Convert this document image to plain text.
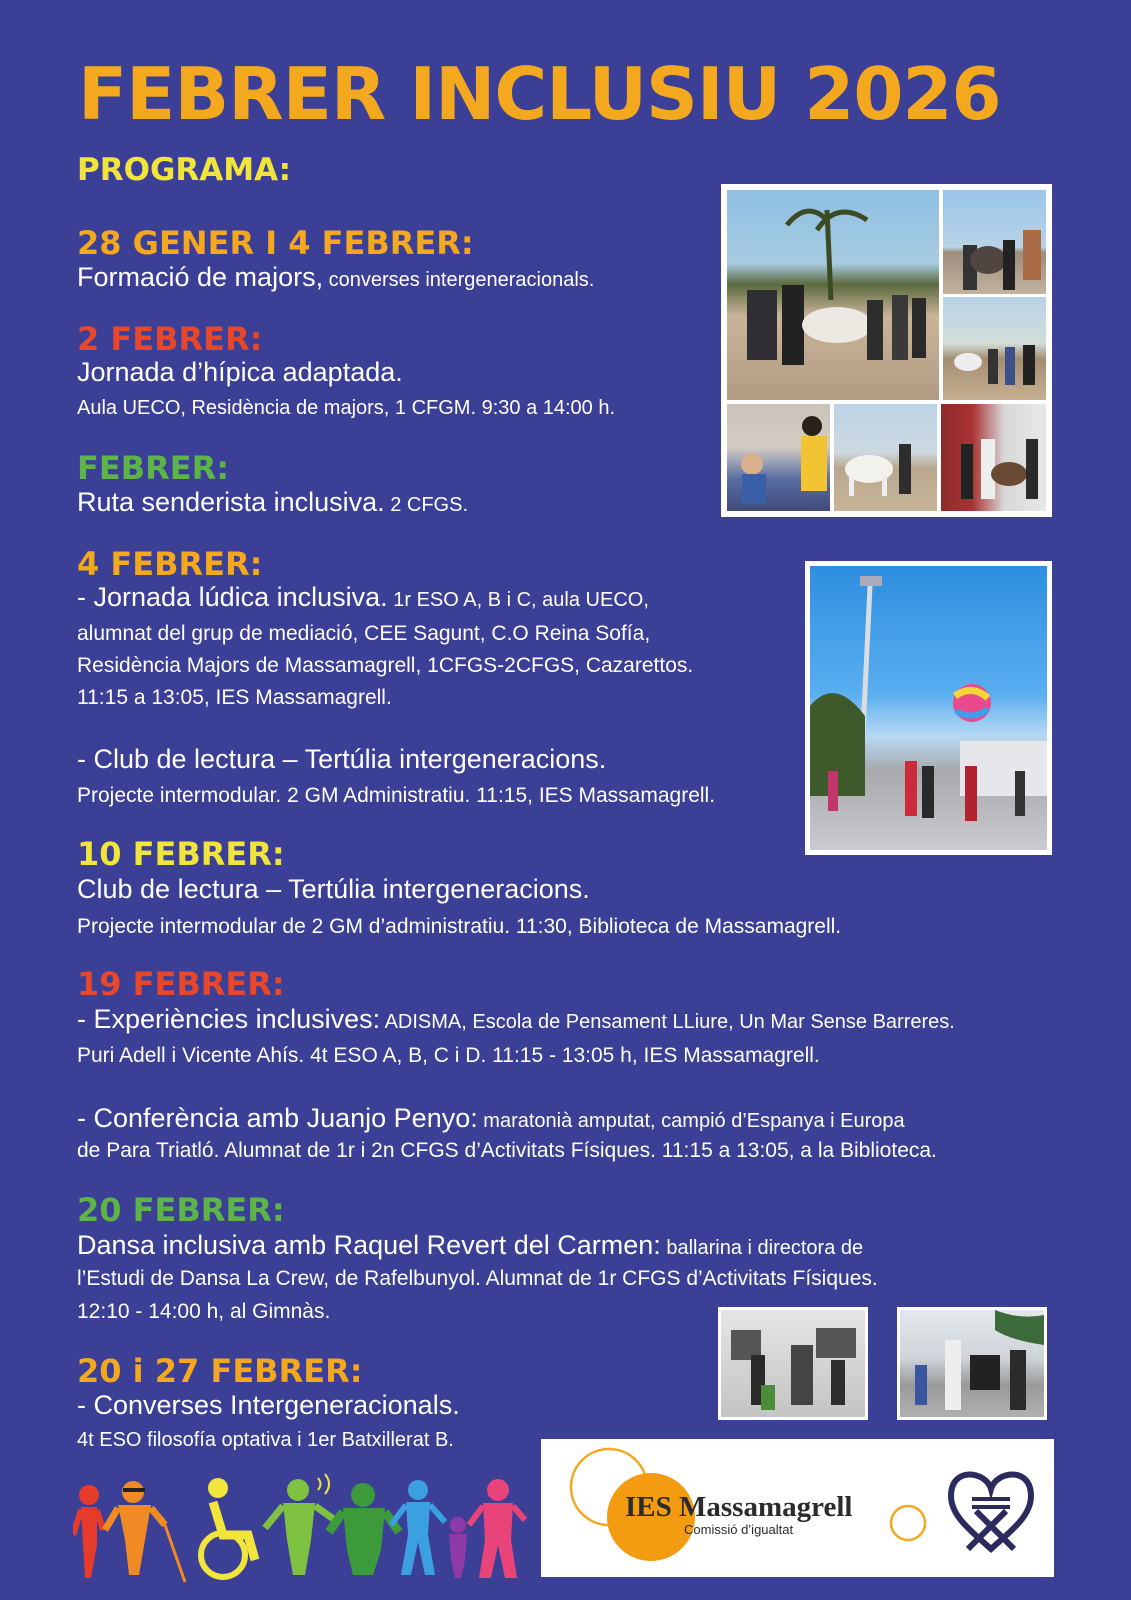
FEBRER INCLUSIU 2026
PROGRAMA:
28 GENER I 4 FEBRER:
Formació de majors, converses intergeneracionals.
2 FEBRER:
Jornada d’hípica adaptada.
Aula UECO, Residència de majors, 1 CFGM. 9:30 a 14:00 h.
FEBRER:
Ruta senderista inclusiva. 2 CFGS.
4 FEBRER:
- Jornada lúdica inclusiva. 1r ESO A, B i C, aula UECO,
alumnat del grup de mediació, CEE Sagunt, C.O Reina Sofía,
Residència Majors de Massamagrell, 1CFGS-2CFGS, Cazarettos.
11:15 a 13:05, IES Massamagrell.
- Club de lectura – Tertúlia intergeneracions.
Projecte intermodular. 2 GM Administratiu. 11:15, IES Massamagrell.
10 FEBRER:
Club de lectura – Tertúlia intergeneracions.
Projecte intermodular de 2 GM d’administratiu. 11:30, Biblioteca de Massamagrell.
19 FEBRER:
- Experiències inclusives: ADISMA, Escola de Pensament LLiure, Un Mar Sense Barreres.
Puri Adell i Vicente Ahís. 4t ESO A, B, C i D. 11:15 - 13:05 h, IES Massamagrell.
- Conferència amb Juanjo Penyo: maratonià amputat, campió d’Espanya i Europa
de Para Triatló. Alumnat de 1r i 2n CFGS d’Activitats Físiques. 11:15 a 13:05, a la Biblioteca.
20 FEBRER:
Dansa inclusiva amb Raquel Revert del Carmen: ballarina i directora de
l’Estudi de Dansa La Crew, de Rafelbunyol. Alumnat de 1r CFGS d’Activitats Físiques.
12:10 - 14:00 h, al Gimnàs.
20 i 27 FEBRER:
- Converses Intergeneracionals.
4t ESO filosofía optativa i 1er Batxillerat B.
IES Massamagrell
Comissió d’igualtat
